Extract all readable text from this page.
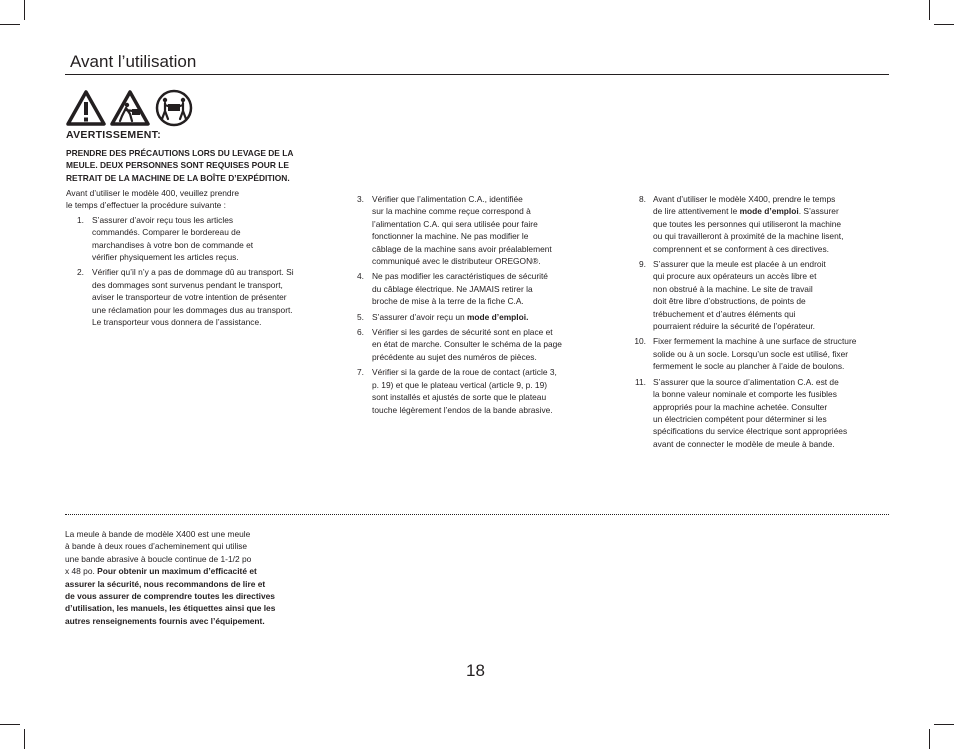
Avant l’utilisation
AVERTISSEMENT:
PRENDRE DES PRÉCAUTIONS LORS DU LEVAGE DE LA MEULE. DEUX PERSONNES SONT REQUISES POUR LE RETRAIT DE LA MACHINE DE LA BOÎTE D’EXPÉDITION.
Avant d’utiliser le modèle 400, veuillez prendre
le temps d’effectuer la procédure suivante :
1. S’assurer d’avoir reçu tous les articles
commandés. Comparer le bordereau de
marchandises à votre bon de commande et
vérifier physiquement les articles reçus.
2. Vérifier qu’il n’y a pas de dommage dû au transport. Si
des dommages sont survenus pendant le transport,
aviser le transporteur de votre intention de présenter
une réclamation pour les dommages dus au transport.
Le transporteur vous donnera de l’assistance.
3. Vérifier que l’alimentation C.A., identifiée
sur la machine comme reçue correspond à
l’alimentation C.A. qui sera utilisée pour faire
fonctionner la machine. Ne pas modifier le
câblage de la machine sans avoir préalablement
communiqué avec le distributeur OREGON®.
4. Ne pas modifier les caractéristiques de sécurité
du câblage électrique. Ne JAMAIS retirer la
broche de mise à la terre de la fiche C.A.
5. S’assurer d’avoir reçu un mode d’emploi.
6. Vérifier si les gardes de sécurité sont en place et
en état de marche. Consulter le schéma de la page
précédente au sujet des numéros de pièces.
7. Vérifier si la garde de la roue de contact (article 3,
p. 19) et que le plateau vertical (article 9, p. 19)
sont installés et ajustés de sorte que le plateau
touche légèrement l’endos de la bande abrasive.
8. Avant d’utiliser le modèle X400, prendre le temps
de lire attentivement le mode d’emploi. S’assurer
que toutes les personnes qui utiliseront la machine
ou qui travailleront à proximité de la machine lisent,
comprennent et se conforment à ces directives.
9. S’assurer que la meule est placée à un endroit
qui procure aux opérateurs un accès libre et
non obstrué à la machine. Le site de travail
doit être libre d’obstructions, de points de
trébuchement et d’autres éléments qui
pourraient réduire la sécurité de l’opérateur.
10. Fixer fermement la machine à une surface de structure
solide ou à un socle. Lorsqu’un socle est utilisé, fixer
fermement le socle au plancher à l’aide de boulons.
11. S’assurer que la source d’alimentation C.A. est de
la bonne valeur nominale et comporte les fusibles
appropriés pour la machine achetée. Consulter
un électricien compétent pour déterminer si les
spécifications du service électrique sont appropriées
avant de connecter le modèle de meule à bande.
La meule à bande de modèle X400 est une meule
à bande à deux roues d’acheminement qui utilise
une bande abrasive à boucle continue de 1-1/2 po
x 48 po. Pour obtenir un maximum d’efficacité et
assurer la sécurité, nous recommandons de lire et
de vous assurer de comprendre toutes les directives
d’utilisation, les manuels, les étiquettes ainsi que les
autres renseignements fournis avec l’équipement.
18
